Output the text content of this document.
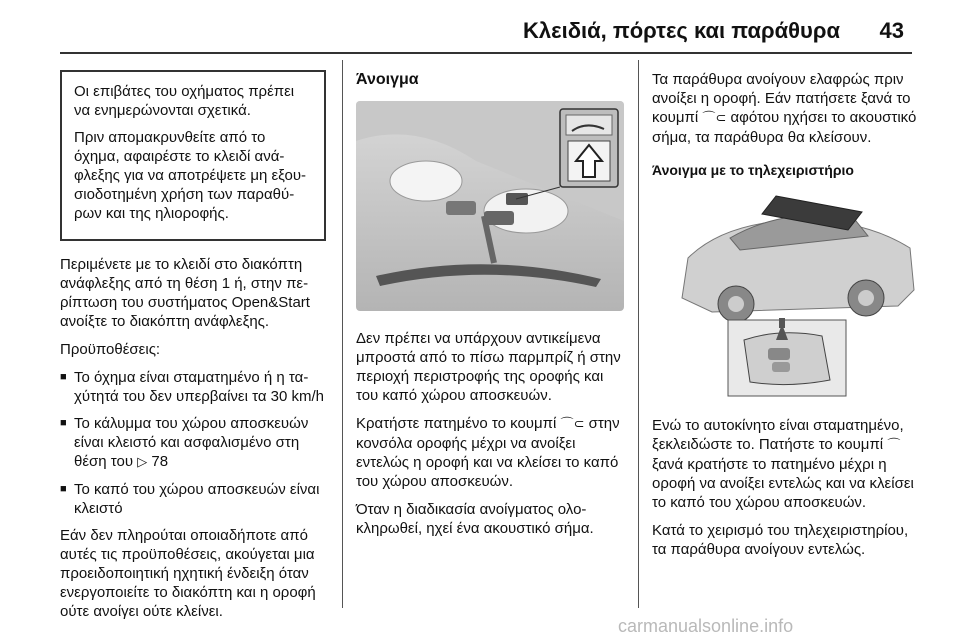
Κλειδιά, πόρτες και παράθυρα 43

Οι επιβάτες του οχήματος πρέπει να ενημερώνονται σχετικά.

Πριν απομακρυνθείτε από το όχημα, αφαιρέστε το κλειδί ανάφλεξης για να αποτρέψετε μη εξουσιοδοτημένη χρήση των παραθύρων και της ηλιοροφής.

Περιμένετε με το κλειδί στο διακόπτη ανάφλεξης από τη θέση 1 ή, στην περίπτωση του συστήματος Open&Start ανοίξτε το διακόπτη ανάφλεξης.

Προϋποθέσεις:

■ Το όχημα είναι σταματημένο ή η ταχύτητά του δεν υπερβαίνει τα 30 km/h
■ Το κάλυμμα του χώρου αποσκευών είναι κλειστό και ασφαλισμένο στη θέση του ▷ 78
■ Το καπό του χώρου αποσκευών είναι κλειστό

Εάν δεν πληρούται οποιαδήποτε από αυτές τις προϋποθέσεις, ακούγεται μια προειδοποιητική ηχητική ένδειξη όταν ενεργοποιείτε το διακόπτη και η οροφή ούτε ανοίγει ούτε κλείνει.

Άνοιγμα

Δεν πρέπει να υπάρχουν αντικείμενα μπροστά από το πίσω παρμπρίζ ή στην περιοχή περιστροφής της οροφής και του καπό χώρου αποσκευών.

Κρατήστε πατημένο το κουμπί ⌒⊂ στην κονσόλα οροφής μέχρι να ανοίξει εντελώς η οροφή και να κλείσει το καπό του χώρου αποσκευών.

Όταν η διαδικασία ανοίγματος ολοκληρωθεί, ηχεί ένα ακουστικό σήμα.

Τα παράθυρα ανοίγουν ελαφρώς πριν ανοίξει η οροφή. Εάν πατήσετε ξανά το κουμπί ⌒⊂ αφότου ηχήσει το ακουστικό σήμα, τα παράθυρα θα κλείσουν.

Άνοιγμα με το τηλεχειριστήριο

Ενώ το αυτοκίνητο είναι σταματημένο, ξεκλειδώστε το. Πατήστε το κουμπί ⌒ ξανά κρατήστε το πατημένο μέχρι η οροφή να ανοίξει εντελώς και να κλείσει το καπό του χώρου αποσκευών.

Κατά το χειρισμό του τηλεχειριστηρίου, τα παράθυρα ανοίγουν εντελώς.

carmanualsonline.info
